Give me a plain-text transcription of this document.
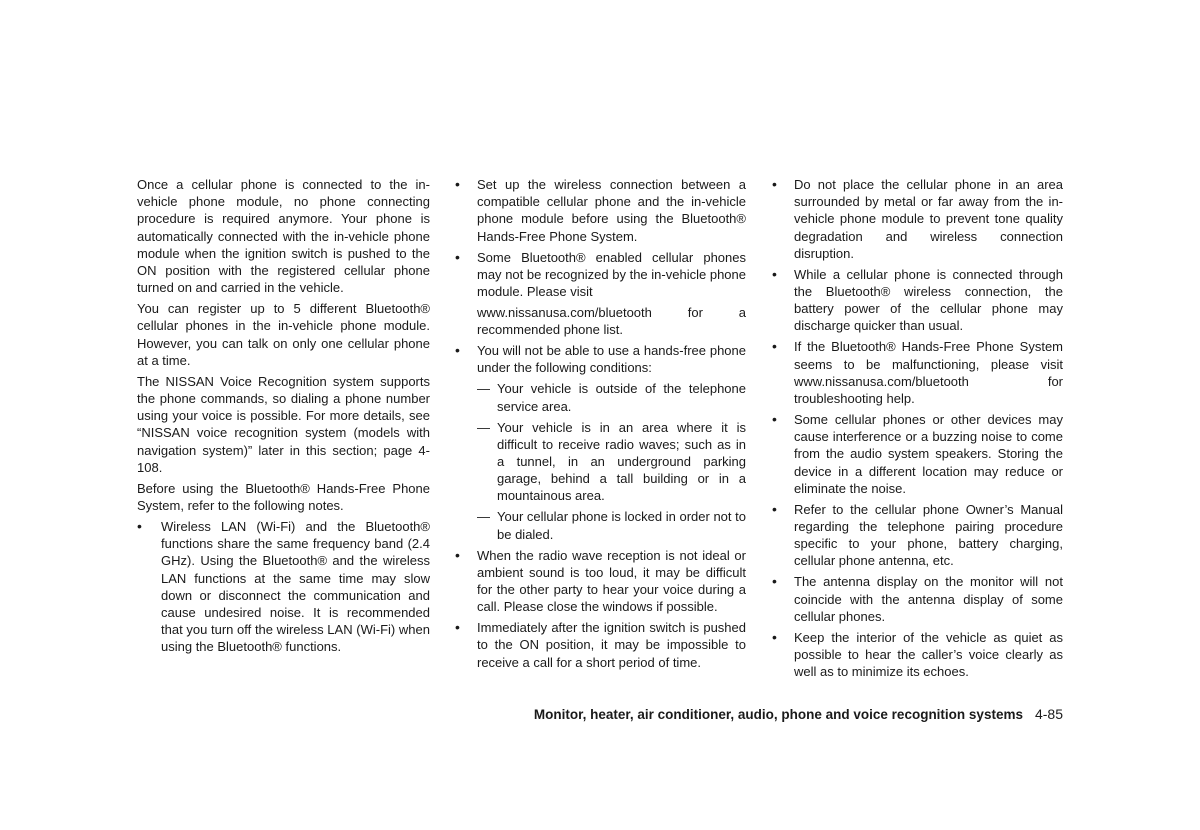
Once a cellular phone is connected to the in-vehicle phone module, no phone connecting procedure is required anymore. Your phone is automatically connected with the in-vehicle phone module when the ignition switch is pushed to the ON position with the registered cellular phone turned on and carried in the vehicle.

You can register up to 5 different Bluetooth® cellular phones in the in-vehicle phone module. However, you can talk on only one cellular phone at a time.

The NISSAN Voice Recognition system supports the phone commands, so dialing a phone number using your voice is possible. For more details, see “NISSAN voice recognition system (models with navigation system)” later in this section; page 4-108.

Before using the Bluetooth® Hands-Free Phone System, refer to the following notes.

• Wireless LAN (Wi-Fi) and the Bluetooth® functions share the same frequency band (2.4 GHz). Using the Bluetooth® and the wireless LAN functions at the same time may slow down or disconnect the communication and cause undesired noise. It is recommended that you turn off the wireless LAN (Wi-Fi) when using the Bluetooth® functions.

• Set up the wireless connection between a compatible cellular phone and the in-vehicle phone module before using the Bluetooth® Hands-Free Phone System.

• Some Bluetooth® enabled cellular phones may not be recognized by the in-vehicle phone module. Please visit

www.nissanusa.com/bluetooth for a recommended phone list.

• You will not be able to use a hands-free phone under the following conditions:

— Your vehicle is outside of the telephone service area.

— Your vehicle is in an area where it is difficult to receive radio waves; such as in a tunnel, in an underground parking garage, behind a tall building or in a mountainous area.

— Your cellular phone is locked in order not to be dialed.

• When the radio wave reception is not ideal or ambient sound is too loud, it may be difficult for the other party to hear your voice during a call. Please close the windows if possible.

• Immediately after the ignition switch is pushed to the ON position, it may be impossible to receive a call for a short period of time.

• Do not place the cellular phone in an area surrounded by metal or far away from the in-vehicle phone module to prevent tone quality degradation and wireless connection disruption.

• While a cellular phone is connected through the Bluetooth® wireless connection, the battery power of the cellular phone may discharge quicker than usual.

• If the Bluetooth® Hands-Free Phone System seems to be malfunctioning, please visit www.nissanusa.com/bluetooth for troubleshooting help.

• Some cellular phones or other devices may cause interference or a buzzing noise to come from the audio system speakers. Storing the device in a different location may reduce or eliminate the noise.

• Refer to the cellular phone Owner’s Manual regarding the telephone pairing procedure specific to your phone, battery charging, cellular phone antenna, etc.

• The antenna display on the monitor will not coincide with the antenna display of some cellular phones.

• Keep the interior of the vehicle as quiet as possible to hear the caller’s voice clearly as well as to minimize its echoes.

Monitor, heater, air conditioner, audio, phone and voice recognition systems 4-85
